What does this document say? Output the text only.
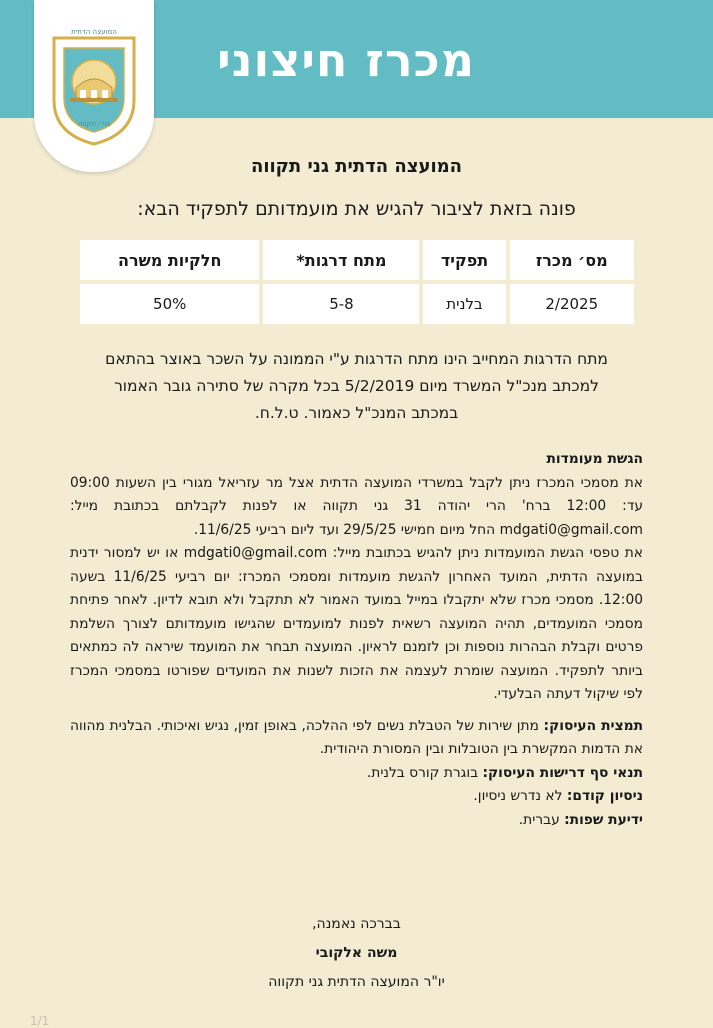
מכרז חיצוני
המועצה הדתית
גני - תקווה
המועצה הדתית גני תקווה
פונה בזאת לציבור להגיש את מועמדותם לתפקיד הבא:
מס׳ מכרז	תפקיד	מתח דרגות*	חלקיות משרה
2/2025	בלנית	5-8	50%
מתח הדרגות המחייב הינו מתח הדרגות ע"י הממונה על השכר באוצר בהתאם
למכתב מנכ"ל המשרד מיום 5/2/2019 בכל מקרה של סתירה גובר האמור
במכתב המנכ"ל כאמור. ט.ל.ח.

הגשת מעומדות

את מסמכי המכרז ניתן לקבל במשרדי המועצה הדתית אצל מר עזריאל מגורי בין השעות 09:00 עד: 12:00 ברח' הרי יהודה 31 גני תקווה או לפנות לקבלתם בכתובת מייל: mdgati0@gmail.com החל מיום חמישי 29/5/25 ועד ליום רביעי 11/6/25.

את טפסי הגשת המועמדות ניתן להגיש בכתובת מייל: mdgati0@gmail.com או יש למסור ידנית במועצה הדתית, המועד האחרון להגשת מועמדות ומסמכי המכרז: יום רביעי 11/6/25 בשעה 12:00. מסמכי מכרז שלא יתקבלו במייל במועד האמור לא תתקבל ולא תובא לדיון. לאחר פתיחת מסמכי המועמדים, תהיה המועצה רשאית לפנות למועמדים שהגישו מועמדותם לצורך השלמת פרטים וקבלת הבהרות נוספות וכן לזמנם לראיון. המועצה תבחר את המועמד שיראה לה כמתאים ביותר לתפקיד. המועצה שומרת לעצמה את הזכות לשנות את המועדים שפורטו במסמכי המכרז לפי שיקול דעתה הבלעדי.

תמצית העיסוק: מתן שירות של הטבלת נשים לפי ההלכה, באופן זמין, נגיש ואיכותי. הבלנית מהווה את הדמות המקשרת בין הטובלות ובין המסורת היהודית.

תנאי סף דרישות העיסוק: בוגרת קורס בלנית.

ניסיון קודם: לא נדרש ניסיון.

ידיעת שפות: עברית.

בברכה נאמנה,
משה אלקובי
יו"ר המועצה הדתית גני תקווה
1/1
